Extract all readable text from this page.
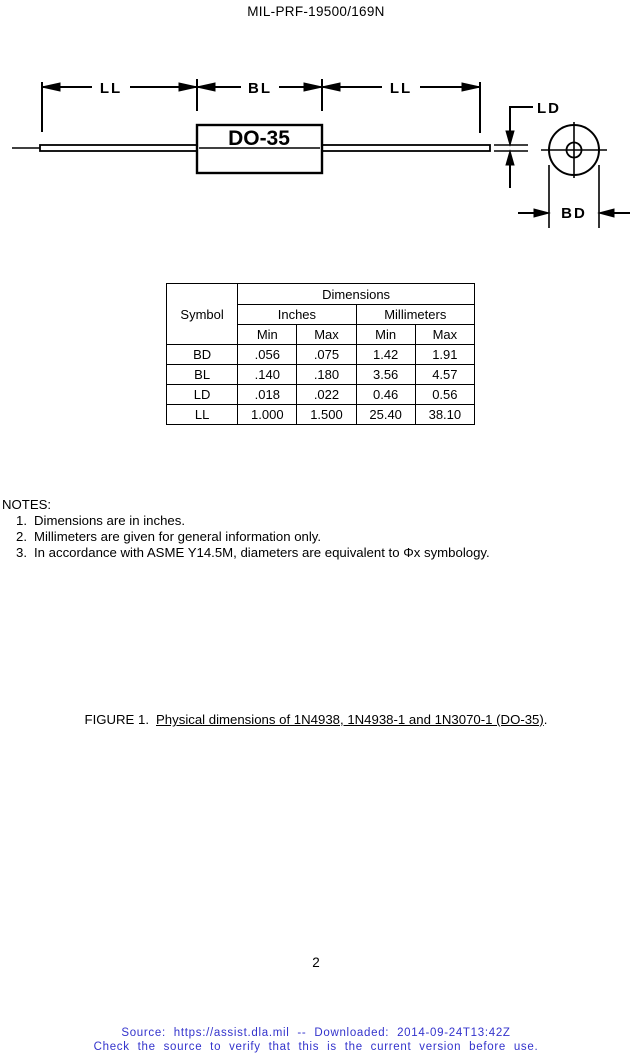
MIL-PRF-19500/169N
LL	BL	LL
DO-35
LD
BD
Symbol	Dimensions			
	Inches		Millimeters	
	Min	Max	Min	Max
BD	.056	.075	1.42	1.91
BL	.140	.180	3.56	4.57
LD	.018	.022	0.46	0.56
LL	1.000	1.500	25.40	38.10
NOTES:
1. Dimensions are in inches.
2. Millimeters are given for general information only.
3. In accordance with ASME Y14.5M, diameters are equivalent to Φx symbology.
FIGURE 1. Physical dimensions of 1N4938, 1N4938-1 and 1N3070-1 (DO-35).
2
Source: https://assist.dla.mil -- Downloaded: 2014-09-24T13:42Z
Check the source to verify that this is the current version before use.
